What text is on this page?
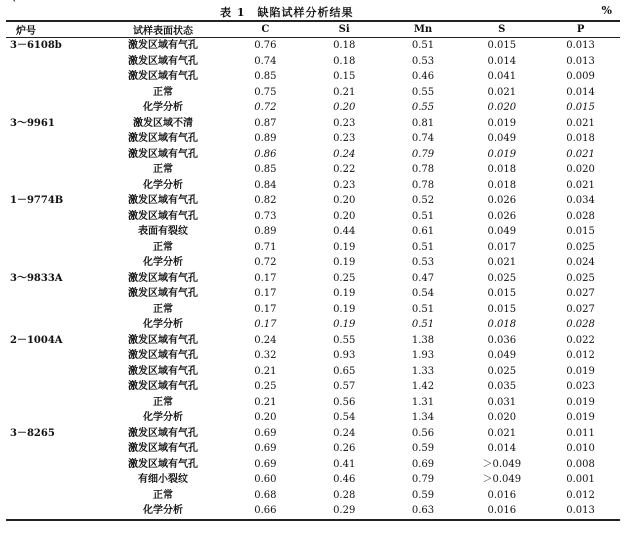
`
表 1　缺陷试样分析结果	%
炉号	试样表面状态	C	Si	Mn	S	P
3－6108b	激发区域有气孔	0.76	0.18	0.51	0.015	0.013
	激发区域有气孔	0.74	0.18	0.53	0.014	0.013
	激发区域有气孔	0.85	0.15	0.46	0.041	0.009
	正常	0.75	0.21	0.55	0.021	0.014
	化学分析	0.72	0.20	0.55	0.020	0.015
3～9961	激发区域不清	0.87	0.23	0.81	0.019	0.021
	激发区域有气孔	0.89	0.23	0.74	0.049	0.018
	激发区域有气孔	0.86	0.24	0.79	0.019	0.021
	正常	0.85	0.22	0.78	0.018	0.020
	化学分析	0.84	0.23	0.78	0.018	0.021
1－9774B	激发区域有气孔	0.82	0.20	0.52	0.026	0.034
	激发区域有气孔	0.73	0.20	0.51	0.026	0.028
	表面有裂纹	0.89	0.44	0.61	0.049	0.015
	正常	0.71	0.19	0.51	0.017	0.025
	化学分析	0.72	0.19	0.53	0.021	0.024
3～9833A	激发区域有气孔	0.17	0.25	0.47	0.025	0.025
	激发区域有气孔	0.17	0.19	0.54	0.015	0.027
	正常	0.17	0.19	0.51	0.015	0.027
	化学分析	0.17	0.19	0.51	0.018	0.028
2－1004A	激发区域有气孔	0.24	0.55	1.38	0.036	0.022
	激发区域有气孔	0.32	0.93	1.93	0.049	0.012
	激发区域有气孔	0.21	0.65	1.33	0.025	0.019
	激发区域有气孔	0.25	0.57	1.42	0.035	0.023
	正常	0.21	0.56	1.31	0.031	0.019
	化学分析	0.20	0.54	1.34	0.020	0.019
3－8265	激发区域有气孔	0.69	0.24	0.56	0.021	0.011
	激发区域有气孔	0.69	0.26	0.59	0.014	0.010
	激发区域有气孔	0.69	0.41	0.69	＞0.049	0.008
	有细小裂纹	0.60	0.46	0.79	＞0.049	0.001
	正常	0.68	0.28	0.59	0.016	0.012
	化学分析	0.66	0.29	0.63	0.016	0.013
